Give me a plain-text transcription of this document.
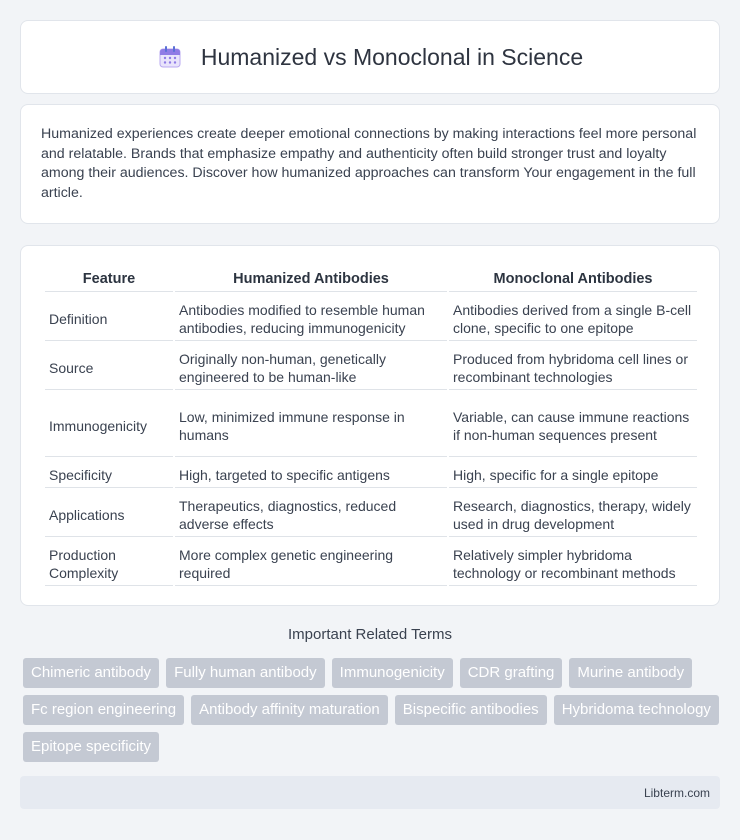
Humanized vs Monoclonal in Science

Humanized experiences create deeper emotional connections by making interactions feel more personal and relatable. Brands that emphasize empathy and authenticity often build stronger trust and loyalty among their audiences. Discover how humanized approaches can transform Your engagement in the full article.

Feature	Humanized Antibodies	Monoclonal Antibodies
Definition	Antibodies modified to resemble human antibodies, reducing immunogenicity	Antibodies derived from a single B-cell clone, specific to one epitope
Source	Originally non-human, genetically engineered to be human-like	Produced from hybridoma cell lines or recombinant technologies
Immunogenicity	Low, minimized immune response in humans	Variable, can cause immune reactions if non-human sequences present
Specificity	High, targeted to specific antigens	High, specific for a single epitope
Applications	Therapeutics, diagnostics, reduced adverse effects	Research, diagnostics, therapy, widely used in drug development
Production Complexity	More complex genetic engineering required	Relatively simpler hybridoma technology or recombinant methods
Important Related Terms
Chimeric antibody	Fully human antibody	Immunogenicity	CDR grafting	Murine antibody
Fc region engineering	Antibody affinity maturation	Bispecific antibodies	Hybridoma technology
Epitope specificity
Libterm.com
